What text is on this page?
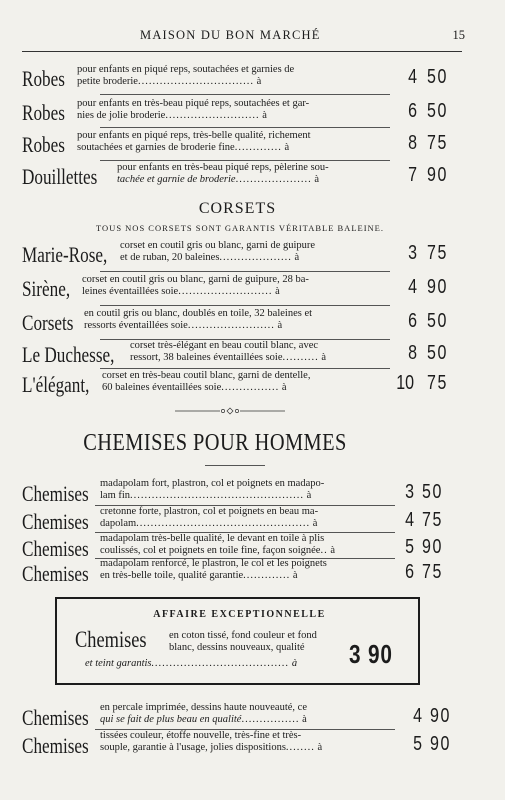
MAISON DU BON MARCHÉ	15
Robes pour enfants en piqué reps, soutachées et garnies de
petite broderie................................ à	4 50
Robes pour enfants en très-beau piqué reps, soutachées et gar-
nies de jolie broderie.......................... à	6 50
Robes pour enfants en piqué reps, très-belle qualité, richement
soutachées et garnies de broderie fine............. à	8 75
Douillettes pour enfants en très-beau piqué reps, pèlerine sou-
tachée et garnie de broderie..................... à	7 90
CORSETS
TOUS NOS CORSETS SONT GARANTIS VÉRITABLE BALEINE.
Marie-Rose, corset en coutil gris ou blanc, garni de guipure
et de ruban, 20 baleines.................... à	3 75
Sirène, corset en coutil gris ou blanc, garni de guipure, 28 ba-
leines éventaillées soie.......................... à	4 90
Corsets en coutil gris ou blanc, doublés en toile, 32 baleines et
ressorts éventaillées soie........................ à	6 50
Le Duchesse, corset très-élégant en beau coutil blanc, avec
ressort, 38 baleines éventaillées soie.......... à	8 50
L'élégant, corset en très-beau coutil blanc, garni de dentelle,
60 baleines éventaillées soie................ à	10 75
CHEMISES POUR HOMMES
Chemises madapolam fort, plastron, col et poignets en madapo-
lam fin................................................ à	3 50
Chemises cretonne forte, plastron, col et poignets en beau ma-
dapolam................................................ à	4 75
Chemises madapolam très-belle qualité, le devant en toile à plis
coulissés, col et poignets en toile fine, façon soignée.. à	5 90
Chemises madapolam renforcé, le plastron, le col et les poignets
en très-belle toile, qualité garantie............. à	6 75
AFFAIRE EXCEPTIONNELLE
Chemises en coton tissé, fond couleur et fond
blanc, dessins nouveaux, qualité
et teint garantis...................................... à	3 90
Chemises en percale imprimée, dessins haute nouveauté, ce
qui se fait de plus beau en qualité................ à	4 90
Chemises tissées couleur, étoffe nouvelle, très-fine et très-
souple, garantie à l'usage, jolies dispositions........ à	5 90
